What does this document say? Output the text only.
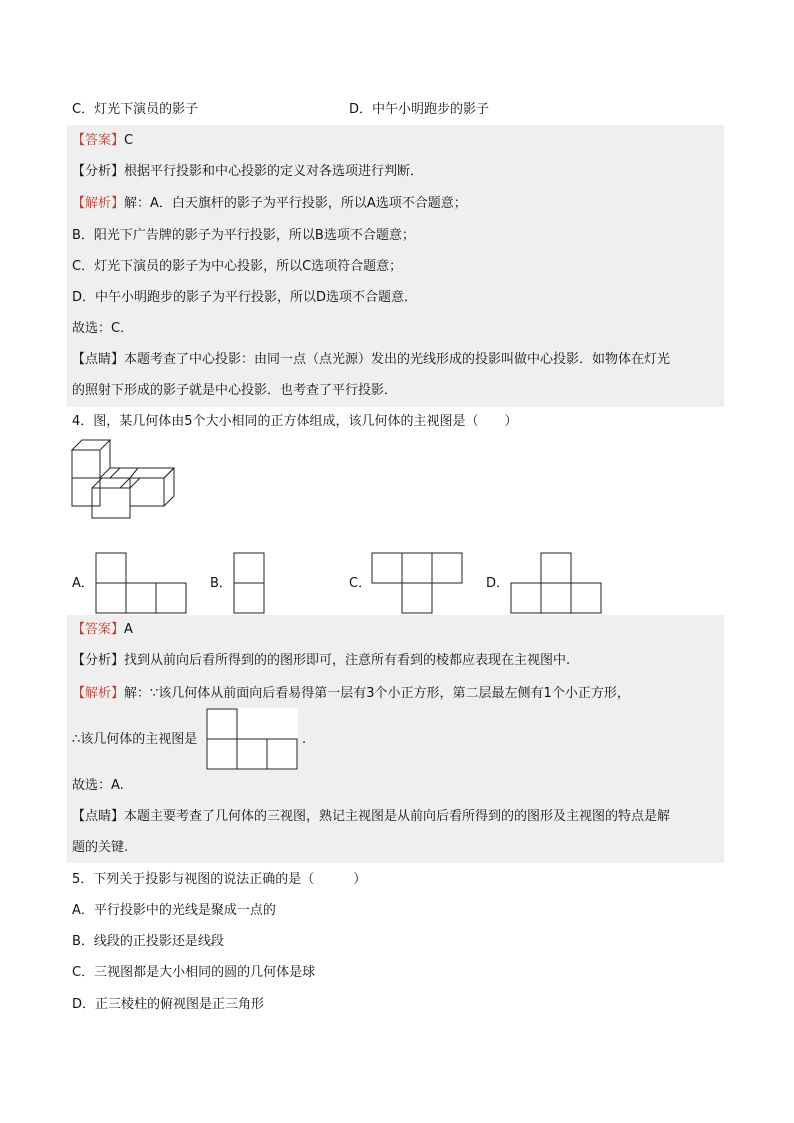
C．灯光下演员的影子	D．中午小明跑步的影子
【答案】C
【分析】根据平行投影和中心投影的定义对各选项进行判断．
【解析】解：A．白天旗杆的影子为平行投影，所以A选项不合题意；
B．阳光下广告牌的影子为平行投影，所以B选项不合题意；
C．灯光下演员的影子为中心投影，所以C选项符合题意；
D．中午小明跑步的影子为平行投影，所以D选项不合题意．
故选：C．
【点睛】本题考查了中心投影：由同一点（点光源）发出的光线形成的投影叫做中心投影．如物体在灯光
的照射下形成的影子就是中心投影．也考查了平行投影．
4．图，某几何体由5个大小相同的正方体组成，该几何体的主视图是（　　）
A．	B．	C．	D．
【答案】A
【分析】找到从前向后看所得到的的图形即可，注意所有看到的棱都应表现在主视图中.
【解析】解：∵该几何体从前面向后看易得第一层有3个小正方形，第二层最左侧有1个小正方形，
∴该几何体的主视图是	.
故选：A.
【点睛】本题主要考查了几何体的三视图，熟记主视图是从前向后看所得到的的图形及主视图的特点是解
题的关键.
5．下列关于投影与视图的说法正确的是（　　　）
A．平行投影中的光线是聚成一点的
B．线段的正投影还是线段
C．三视图都是大小相同的圆的几何体是球
D．正三棱柱的俯视图是正三角形
